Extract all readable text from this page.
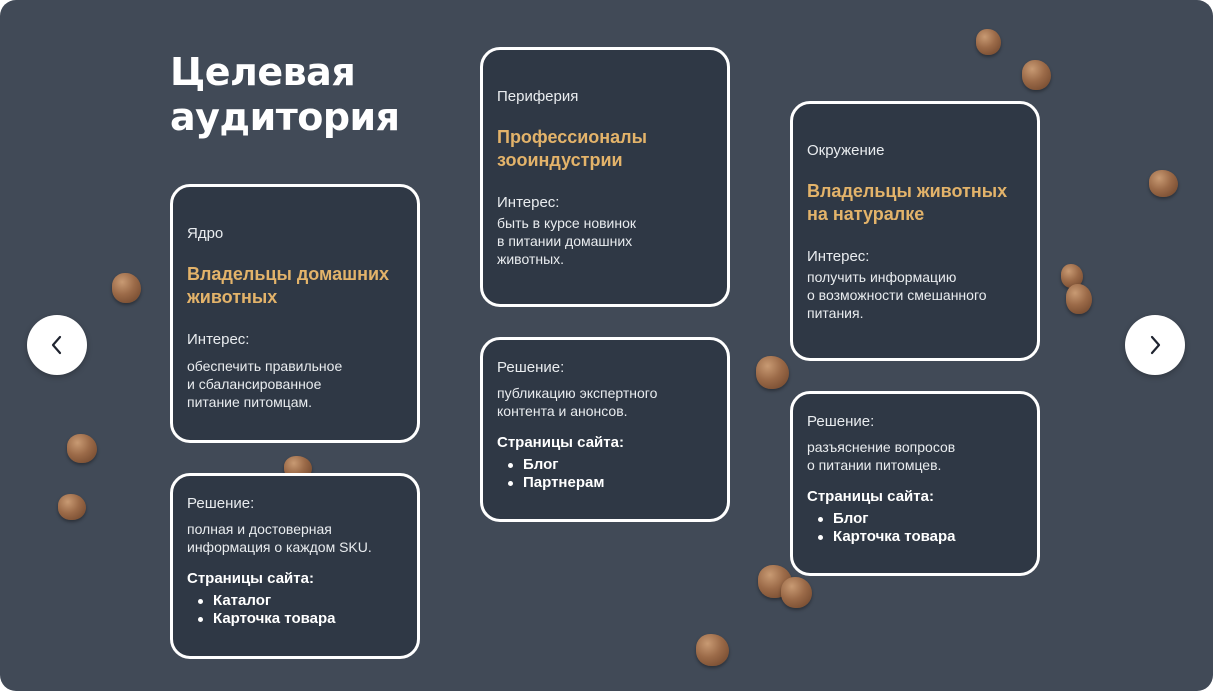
Целевая
аудитория
Ядро
Владельцы домашних животных
Интерес:
обеспечить правильное
и сбалансированное
питание питомцам.
Решение:
полная и достоверная
информация о каждом SKU.
Страницы сайта:
Каталог
Карточка товара
Периферия
Профессионалы зооиндустрии
Интерес:
быть в курсе новинок
в питании домашних
животных.
Решение:
публикацию экспертного
контента и анонсов.
Страницы сайта:
Блог
Партнерам
Окружение
Владельцы животных на натуралке
Интерес:
получить информацию
о возможности смешанного
питания.
Решение:
разъяснение вопросов
о питании питомцев.
Страницы сайта:
Блог
Карточка товара
